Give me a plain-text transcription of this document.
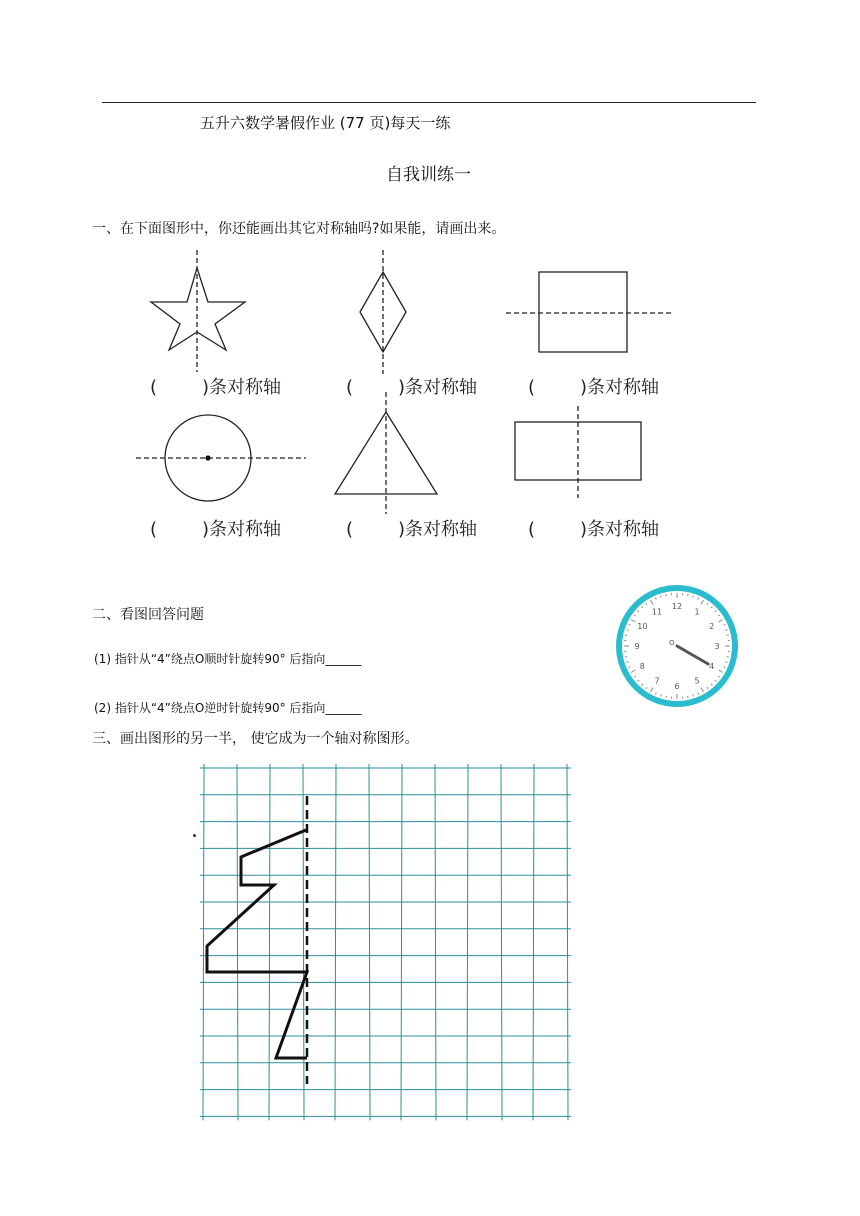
五升六数学暑假作业 (77 页)每天一练
自我训练一
一、在下面图形中，你还能画出其它对称轴吗?如果能，请画出来。
( )条对称轴	( )条对称轴	( )条对称轴
( )条对称轴	( )条对称轴	( )条对称轴
二、看图回答问题
(1) 指针从“4”绕点O顺时针旋转90° 后指向______
(2) 指针从“4”绕点O逆时针旋转90° 后指向______
12
1
2
3
4
5
6
7
8
9
10
11
O
三、画出图形的另一半， 使它成为一个轴对称图形。
